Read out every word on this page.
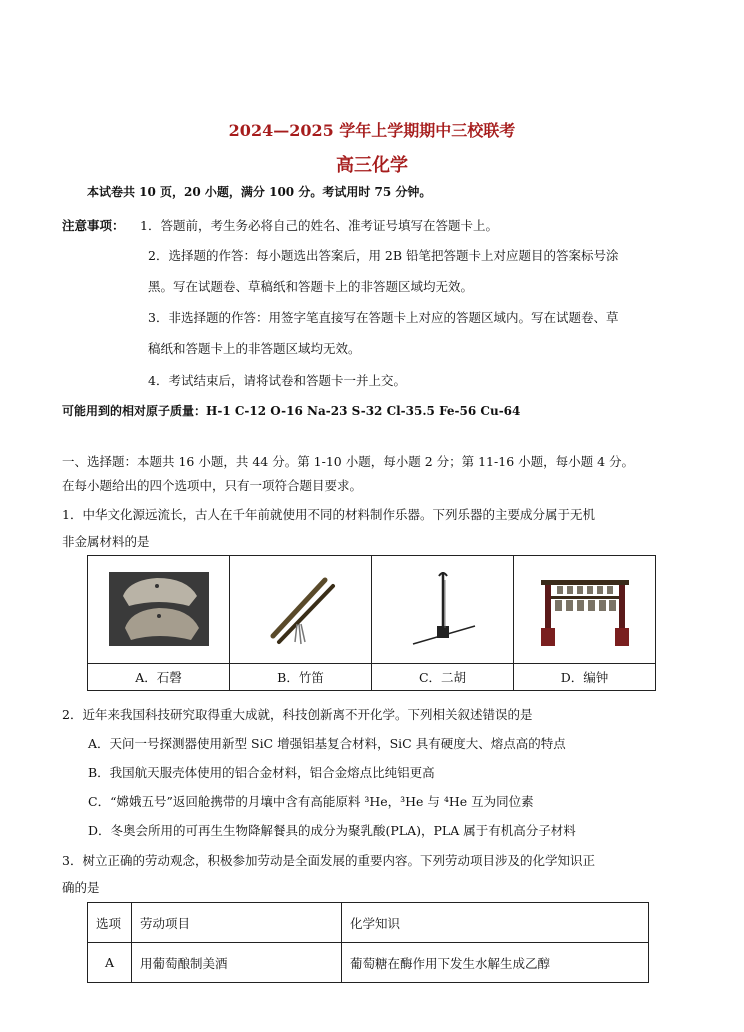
2024—2025 学年上学期期中三校联考
高三化学
本试卷共 10 页，20 小题，满分 100 分。考试用时 75 分钟。
注意事项： 1．答题前，考生务必将自己的姓名、准考证号填写在答题卡上。
2．选择题的作答：每小题选出答案后，用 2B 铅笔把答题卡上对应题目的答案标号涂
黑。写在试题卷、草稿纸和答题卡上的非答题区域均无效。
3．非选择题的作答：用签字笔直接写在答题卡上对应的答题区域内。写在试题卷、草
稿纸和答题卡上的非答题区域均无效。
4．考试结束后，请将试卷和答题卡一并上交。
可能用到的相对原子质量：H-1 C-12 O-16 Na-23 S-32 Cl-35.5 Fe-56 Cu-64
一、选择题：本题共 16 小题，共 44 分。第 1-10 小题，每小题 2 分；第 11-16 小题，每小题 4 分。
在每小题给出的四个选项中，只有一项符合题目要求。
1．中华文化源远流长，古人在千年前就使用不同的材料制作乐器。下列乐器的主要成分属于无机
非金属材料的是

A．石磬	B．竹笛	C．二胡	D．编钟
2．近年来我国科技研究取得重大成就，科技创新离不开化学。下列相关叙述错误的是
A．天问一号探测器使用新型 SiC 增强铝基复合材料，SiC 具有硬度大、熔点高的特点
B．我国航天服壳体使用的铝合金材料，铝合金熔点比纯铝更高
C．“嫦娥五号”返回舱携带的月壤中含有高能原料 ³He，³He 与 ⁴He 互为同位素
D．冬奥会所用的可再生生物降解餐具的成分为聚乳酸(PLA)，PLA 属于有机高分子材料
3．树立正确的劳动观念，积极参加劳动是全面发展的重要内容。下列劳动项目涉及的化学知识正
确的是
选项	劳动项目	化学知识
A	用葡萄酿制美酒	葡萄糖在酶作用下发生水解生成乙醇
